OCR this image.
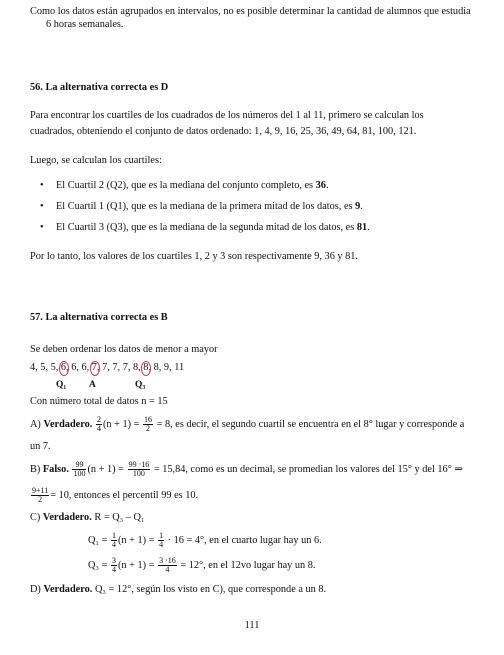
Como los datos están agrupados en intervalos, no es posible determinar la cantidad de alumnos que estudia
6 horas semanales.
56. La alternativa correcta es D
Para encontrar los cuartiles de los cuadrados de los números del 1 al 11, primero se calculan los
cuadrados, obteniendo el conjunto de datos ordenado: 1, 4, 9, 16, 25, 36, 49, 64, 81, 100, 121.
Luego, se calculan los cuartiles:
• El Cuartil 2 (Q2), que es la mediana del conjunto completo, es 36.
• El Cuartil 1 (Q1), que es la mediana de la primera mitad de los datos, es 9.
• El Cuartil 3 (Q3), que es la mediana de la segunda mitad de los datos, es 81.
Por lo tanto, los valores de los cuartiles 1, 2 y 3 son respectivamente 9, 36 y 81.
57. La alternativa correcta es B
Se deben ordenar los datos de menor a mayor
4, 5, 5, 6, 6, 6, 7, 7, 7, 7, 8, 8, 8, 9, 11
Q₁ A	Q₃
Con número total de datos n = 15
A) Verdadero. $\frac{2}{4} (n + 1) = \frac{16}{2} = 8$, es decir, el segundo cuartil se encuentra en el 8° lugar y corresponde a
un 7.
B) Falso. $\frac{99}{100} (n + 1) = \frac{99 \cdot 16}{100} = 15,84$, como es un decimal, se promedian los valores del 15° y del 16° ⇒
$\frac{9+11}{2} = 10$, entonces el percentil 99 es 10.
C) Verdadero. R = Q₃ – Q₁
$Q_1 = \frac{1}{4} (n + 1) = \frac{1}{4} \cdot 16 = 4^\circ$, en el cuarto lugar hay un 6.
$Q_3 = \frac{3}{4} (n + 1) = \frac{3 \cdot 16}{4} = 12^\circ$, en el 12vo lugar hay un 8.
D) Verdadero. Q₃ = 12°, según los visto en C), que corresponde a un 8.
111
